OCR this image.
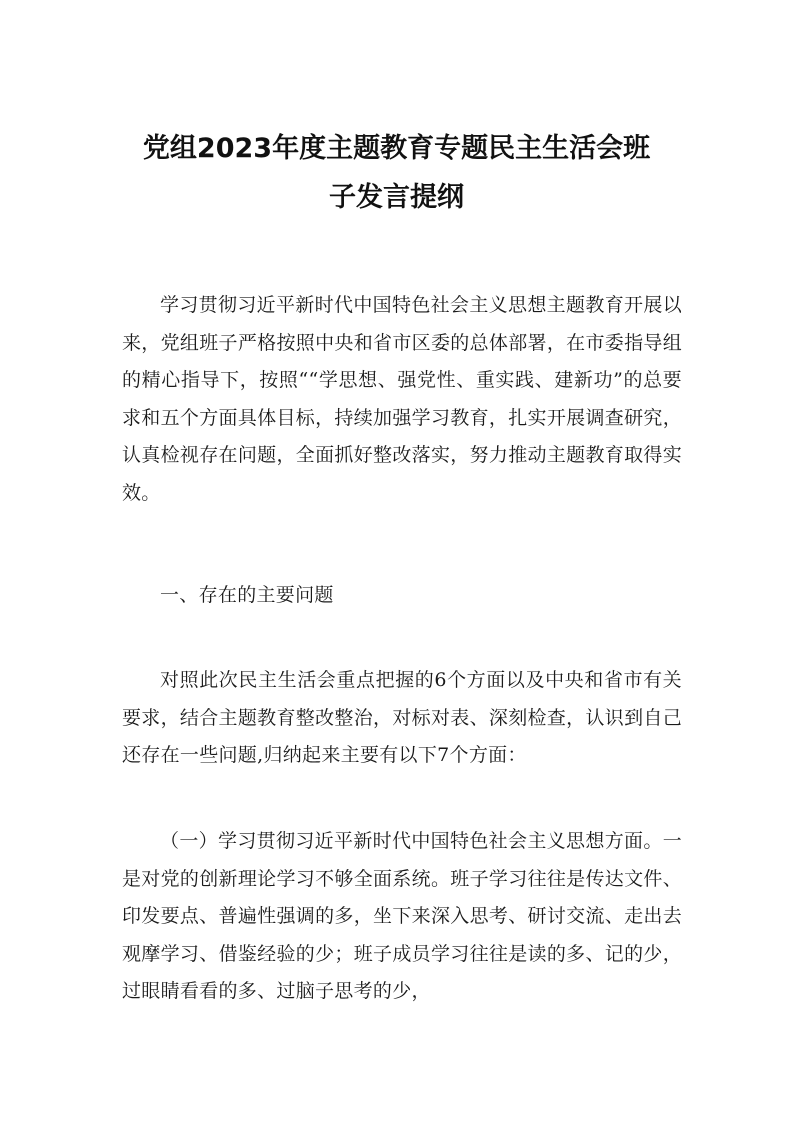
党组2023年度主题教育专题民主生活会班
子发言提纲

学习贯彻习近平新时代中国特色社会主义思想主题教育开展以来，党组班子严格按照中央和省市区委的总体部署，在市委指导组的精心指导下，按照““学思想、强党性、重实践、建新功”的总要求和五个方面具体目标，持续加强学习教育，扎实开展调查研究，认真检视存在问题，全面抓好整改落实，努力推动主题教育取得实效。

一、存在的主要问题

对照此次民主生活会重点把握的6个方面以及中央和省市有关要求，结合主题教育整改整治，对标对表、深刻检查，认识到自己还存在一些问题,归纳起来主要有以下7个方面：

（一）学习贯彻习近平新时代中国特色社会主义思想方面。一是对党的创新理论学习不够全面系统。班子学习往往是传达文件、印发要点、普遍性强调的多，坐下来深入思考、研讨交流、走出去观摩学习、借鉴经验的少；班子成员学习往往是读的多、记的少，过眼睛看看的多、过脑子思考的少，
